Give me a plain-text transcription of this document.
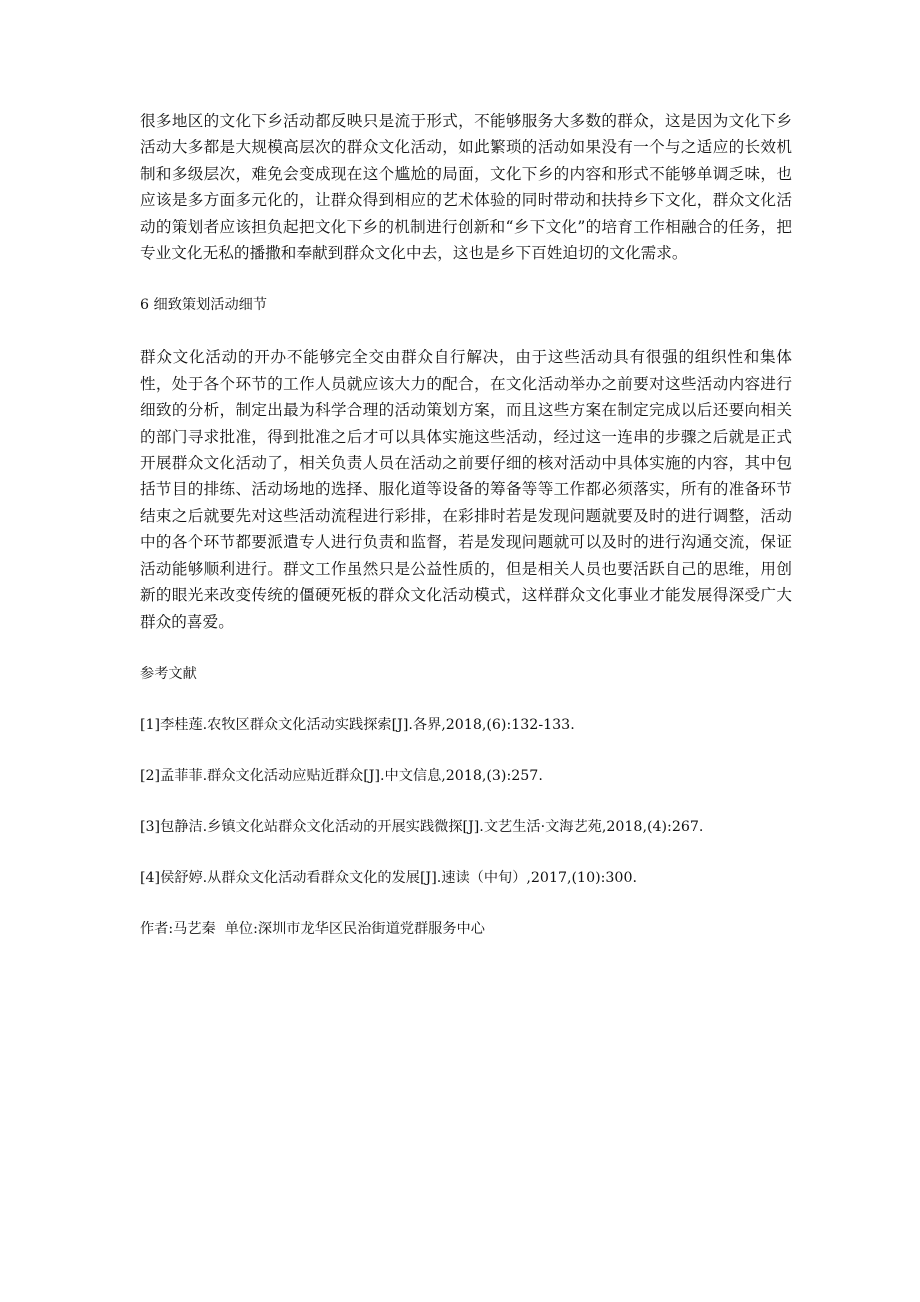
很多地区的文化下乡活动都反映只是流于形式，不能够服务大多数的群众，这是因为文化下乡活动大多都是大规模高层次的群众文化活动，如此繁琐的活动如果没有一个与之适应的长效机制和多级层次，难免会变成现在这个尴尬的局面，文化下乡的内容和形式不能够单调乏味，也应该是多方面多元化的，让群众得到相应的艺术体验的同时带动和扶持乡下文化，群众文化活动的策划者应该担负起把文化下乡的机制进行创新和“乡下文化”的培育工作相融合的任务，把专业文化无私的播撒和奉献到群众文化中去，这也是乡下百姓迫切的文化需求。

6 细致策划活动细节

群众文化活动的开办不能够完全交由群众自行解决，由于这些活动具有很强的组织性和集体性，处于各个环节的工作人员就应该大力的配合，在文化活动举办之前要对这些活动内容进行细致的分析，制定出最为科学合理的活动策划方案，而且这些方案在制定完成以后还要向相关的部门寻求批准，得到批准之后才可以具体实施这些活动，经过这一连串的步骤之后就是正式开展群众文化活动了，相关负责人员在活动之前要仔细的核对活动中具体实施的内容，其中包括节目的排练、活动场地的选择、服化道等设备的筹备等等工作都必须落实，所有的准备环节结束之后就要先对这些活动流程进行彩排，在彩排时若是发现问题就要及时的进行调整，活动中的各个环节都要派遣专人进行负责和监督，若是发现问题就可以及时的进行沟通交流，保证活动能够顺利进行。群文工作虽然只是公益性质的，但是相关人员也要活跃自己的思维，用创新的眼光来改变传统的僵硬死板的群众文化活动模式，这样群众文化事业才能发展得深受广大群众的喜爱。

参考文献

[1]李桂莲.农牧区群众文化活动实践探索[J].各界,2018,(6):132-133.

[2]孟菲菲.群众文化活动应贴近群众[J].中文信息,2018,(3):257.

[3]包静洁.乡镇文化站群众文化活动的开展实践微探[J].文艺生活·文海艺苑,2018,(4):267.

[4]侯舒婷.从群众文化活动看群众文化的发展[J].速读（中旬）,2017,(10):300.

作者:马艺秦  单位:深圳市龙华区民治街道党群服务中心
